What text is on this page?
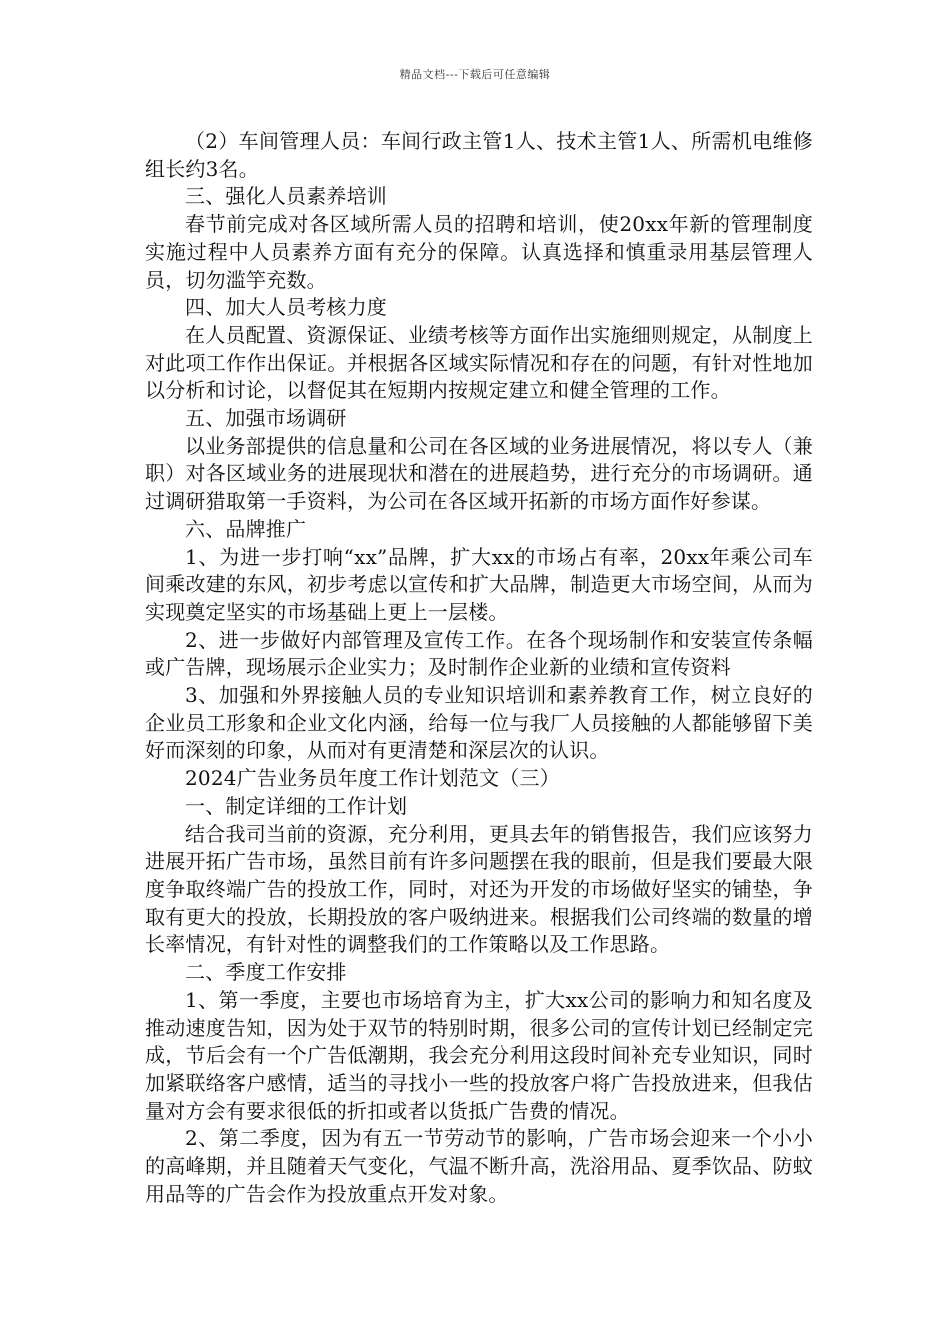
精品文档---下载后可任意编辑

（2）车间管理人员：车间行政主管1人、技术主管1人、所需机电维修组长约3名。

三、强化人员素养培训

春节前完成对各区域所需人员的招聘和培训，使20xx年新的管理制度实施过程中人员素养方面有充分的保障。认真选择和慎重录用基层管理人员，切勿滥竽充数。

四、加大人员考核力度

在人员配置、资源保证、业绩考核等方面作出实施细则规定，从制度上对此项工作作出保证。并根据各区域实际情况和存在的问题，有针对性地加以分析和讨论，以督促其在短期内按规定建立和健全管理的工作。

五、加强市场调研

以业务部提供的信息量和公司在各区域的业务进展情况，将以专人（兼职）对各区域业务的进展现状和潜在的进展趋势，进行充分的市场调研。通过调研猎取第一手资料，为公司在各区域开拓新的市场方面作好参谋。

六、品牌推广

1、为进一步打响“xx”品牌，扩大xx的市场占有率，20xx年乘公司车间乘改建的东风，初步考虑以宣传和扩大品牌，制造更大市场空间，从而为实现奠定坚实的市场基础上更上一层楼。

2、进一步做好内部管理及宣传工作。在各个现场制作和安装宣传条幅或广告牌，现场展示企业实力；及时制作企业新的业绩和宣传资料

3、加强和外界接触人员的专业知识培训和素养教育工作，树立良好的企业员工形象和企业文化内涵，给每一位与我厂人员接触的人都能够留下美好而深刻的印象，从而对有更清楚和深层次的认识。

2024广告业务员年度工作计划范文（三）

一、制定详细的工作计划

结合我司当前的资源，充分利用，更具去年的销售报告，我们应该努力进展开拓广告市场，虽然目前有许多问题摆在我的眼前，但是我们要最大限度争取终端广告的投放工作，同时，对还为开发的市场做好坚实的铺垫，争取有更大的投放，长期投放的客户吸纳进来。根据我们公司终端的数量的增长率情况，有针对性的调整我们的工作策略以及工作思路。

二、季度工作安排

1、第一季度，主要也市场培育为主，扩大xx公司的影响力和知名度及推动速度告知，因为处于双节的特别时期，很多公司的宣传计划已经制定完成，节后会有一个广告低潮期，我会充分利用这段时间补充专业知识，同时加紧联络客户感情，适当的寻找小一些的投放客户将广告投放进来，但我估量对方会有要求很低的折扣或者以货抵广告费的情况。

2、第二季度，因为有五一节劳动节的影响，广告市场会迎来一个小小的高峰期，并且随着天气变化，气温不断升高，洗浴用品、夏季饮品、防蚊用品等的广告会作为投放重点开发对象。
